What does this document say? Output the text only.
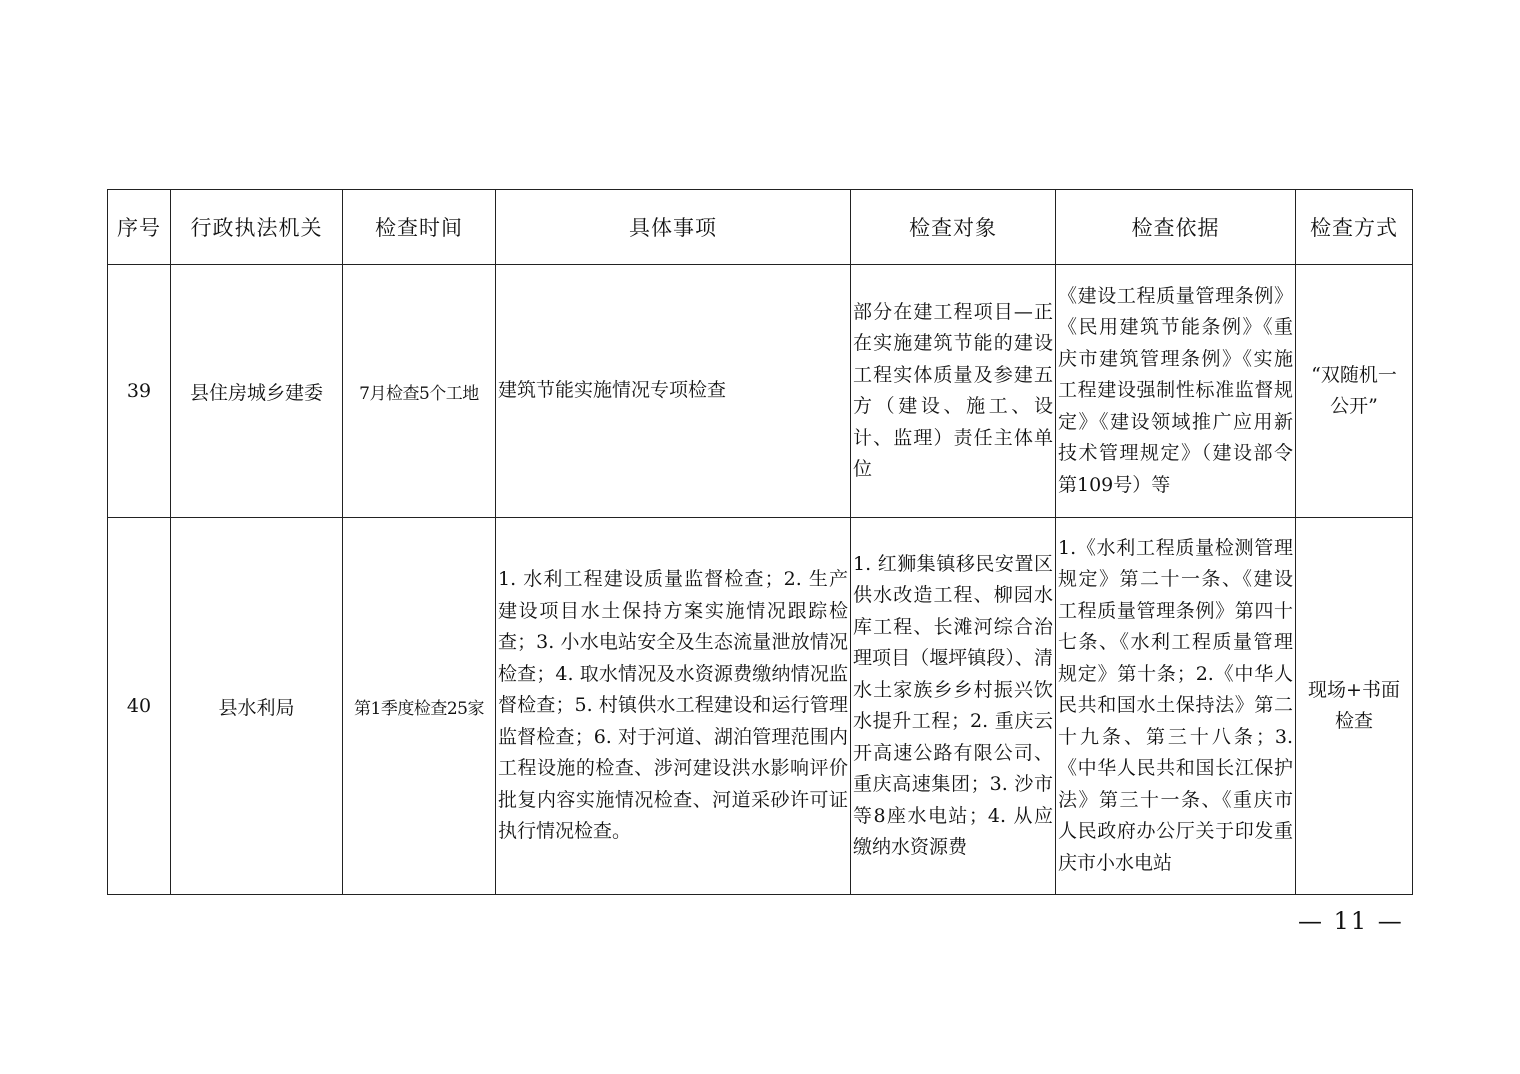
序号	行政执法机关	检查时间	具体事项	检查对象	检查依据	检查方式
39	县住房城乡建委	7月检查5个工地	建筑节能实施情况专项检查	部分在建工程项目—正在实施建筑节能的建设工程实体质量及参建五方（建设、施工、设计、监理）责任主体单位	《建设工程质量管理条例》《民用建筑节能条例》《重庆市建筑管理条例》《实施工程建设强制性标准监督规定》《建设领域推广应用新技术管理规定》（建设部令第109号）等	“双随机一
公开”

40	县水利局	第1季度检查25家	1. 水利工程建设质量监督检查；2. 生产建设项目水土保持方案实施情况跟踪检查；3. 小水电站安全及生态流量泄放情况检查；4. 取水情况及水资源费缴纳情况监督检查；5. 村镇供水工程建设和运行管理监督检查；6. 对于河道、湖泊管理范围内工程设施的检查、涉河建设洪水影响评价批复内容实施情况检查、河道采砂许可证执行情况检查。	1. 红狮集镇移民安置区供水改造工程、柳园水库工程、长滩河综合治理项目（堰坪镇段）、清水土家族乡乡村振兴饮水提升工程；2. 重庆云开高速公路有限公司、重庆高速集团；3. 沙市等8座水电站；4. 从应缴纳水资源费	1.《水利工程质量检测管理规定》第二十一条、《建设工程质量管理条例》第四十七条、《水利工程质量管理规定》第十条；2.《中华人民共和国水土保持法》第二十九条、第三十八条；3.《中华人民共和国长江保护法》第三十一条、《重庆市人民政府办公厅关于印发重庆市小水电站	现场+书面
检查
— 11 —
